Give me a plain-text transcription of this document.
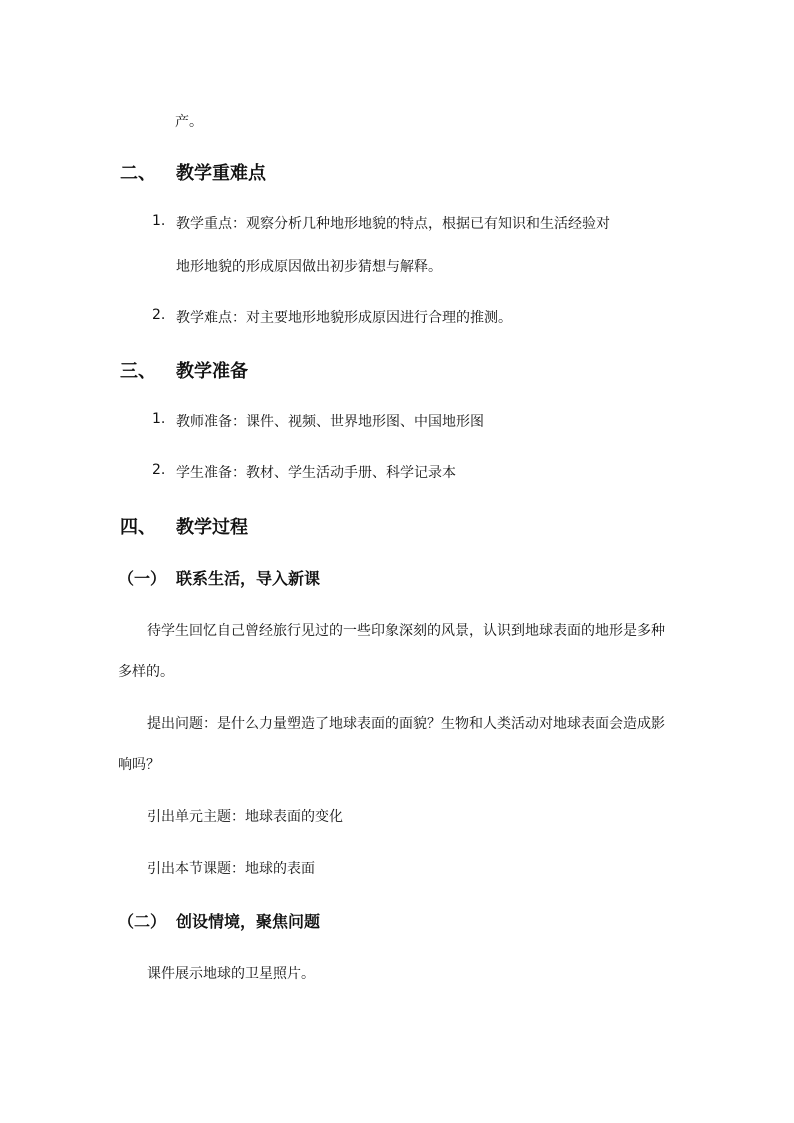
产。
二、 教学重难点
1. 教学重点：观察分析几种地形地貌的特点，根据已有知识和生活经验对
地形地貌的形成原因做出初步猜想与解释。
2. 教学难点：对主要地形地貌形成原因进行合理的推测。
三、 教学准备
1. 教师准备：课件、视频、世界地形图、中国地形图
2. 学生准备：教材、学生活动手册、科学记录本
四、 教学过程
（一） 联系生活，导入新课
待学生回忆自己曾经旅行见过的一些印象深刻的风景，认识到地球表面的地形是多种
多样的。
提出问题：是什么力量塑造了地球表面的面貌？生物和人类活动对地球表面会造成影
响吗？
引出单元主题：地球表面的变化
引出本节课题：地球的表面
（二） 创设情境，聚焦问题
课件展示地球的卫星照片。
